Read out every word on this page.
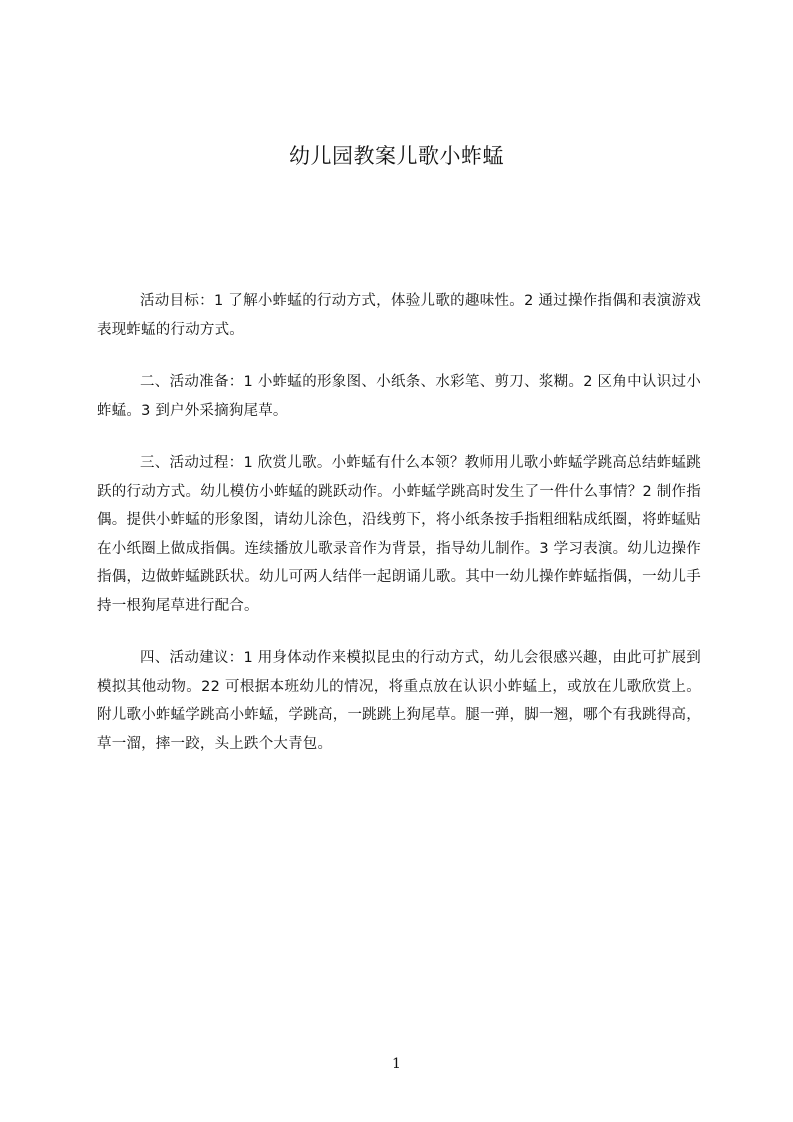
幼儿园教案儿歌小蚱蜢

活动目标：1 了解小蚱蜢的行动方式，体验儿歌的趣味性。2 通过操作指偶和表演游戏表现蚱蜢的行动方式。

二、活动准备：1 小蚱蜢的形象图、小纸条、水彩笔、剪刀、浆糊。2 区角中认识过小蚱蜢。3 到户外采摘狗尾草。

三、活动过程：1 欣赏儿歌。小蚱蜢有什么本领？教师用儿歌小蚱蜢学跳高总结蚱蜢跳跃的行动方式。幼儿模仿小蚱蜢的跳跃动作。小蚱蜢学跳高时发生了一件什么事情？2 制作指偶。提供小蚱蜢的形象图，请幼儿涂色，沿线剪下，将小纸条按手指粗细粘成纸圈，将蚱蜢贴在小纸圈上做成指偶。连续播放儿歌录音作为背景，指导幼儿制作。3 学习表演。幼儿边操作指偶，边做蚱蜢跳跃状。幼儿可两人结伴一起朗诵儿歌。其中一幼儿操作蚱蜢指偶，一幼儿手持一根狗尾草进行配合。

四、活动建议：1 用身体动作来模拟昆虫的行动方式，幼儿会很感兴趣，由此可扩展到模拟其他动物。22 可根据本班幼儿的情况，将重点放在认识小蚱蜢上，或放在儿歌欣赏上。附儿歌小蚱蜢学跳高小蚱蜢，学跳高，一跳跳上狗尾草。腿一弹，脚一翘，哪个有我跳得高，草一溜，摔一跤，头上跌个大青包。

1
